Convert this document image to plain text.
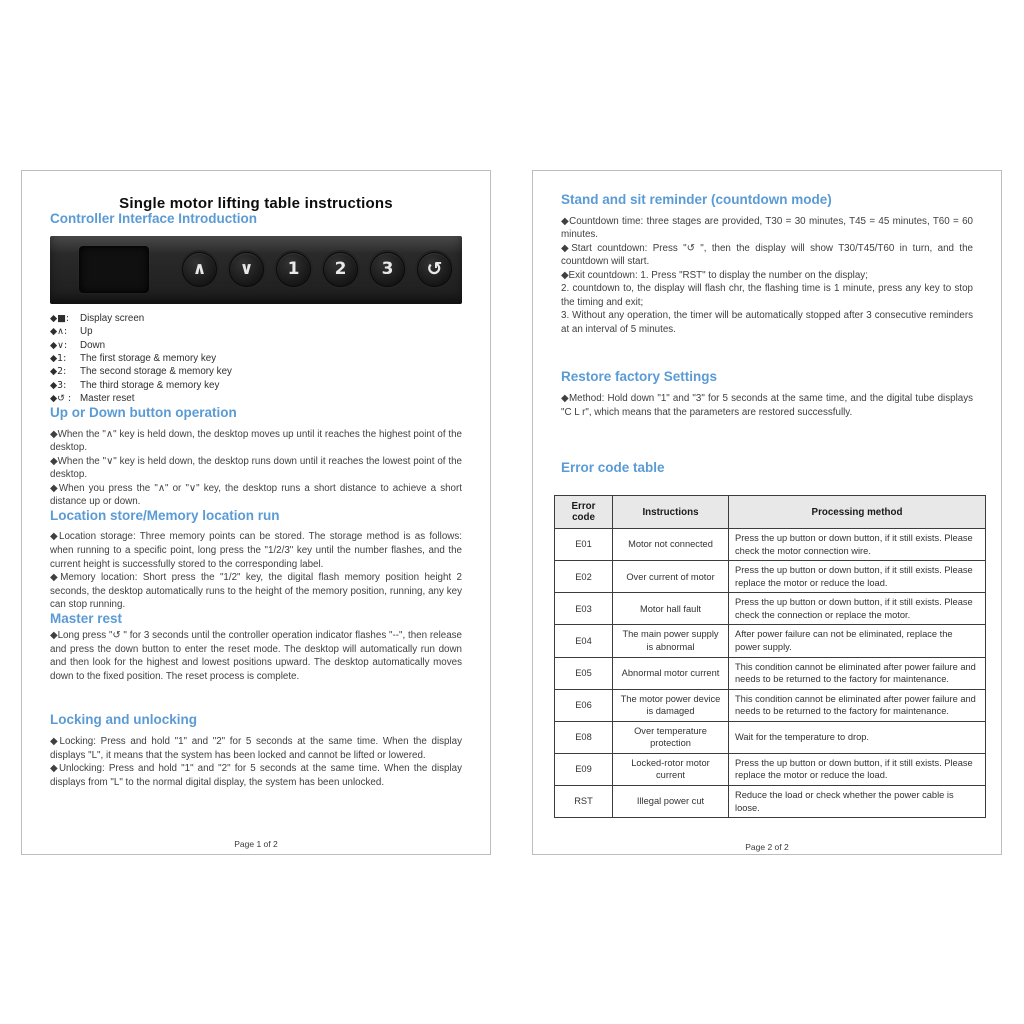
Single motor lifting table instructions
Controller Interface Introduction
∧	∨	1	2	3	↺
◆■:	Display screen
◆∧:	Up
◆∨:	Down
◆1:	The first storage & memory key
◆2:	The second storage & memory key
◆3:	The third storage & memory key
◆↺ : Master reset
Up or Down button operation

◆When the "∧" key is held down, the desktop moves up until it reaches the highest point of the desktop.

◆When the "∨" key is held down, the desktop runs down until it reaches the lowest point of the desktop.

◆When you press the "∧" or "∨" key, the desktop runs a short distance to achieve a short distance up or down.

Location store/Memory location run

◆Location storage: Three memory points can be stored. The storage method is as follows: when running to a specific point, long press the "1/2/3" key until the number flashes, and the current height is successfully stored to the corresponding label.

◆Memory location: Short press the "1/2" key, the digital flash memory position height 2 seconds, the desktop automatically runs to the height of the memory position, running, any key can stop running.

Master rest

◆Long press "↺ " for 3 seconds until the controller operation indicator flashes "--", then release and press the down button to enter the reset mode. The desktop will automatically run down and then look for the highest and lowest positions upward. The desktop automatically moves down to the fixed position. The reset process is complete.

Locking and unlocking

◆Locking: Press and hold "1" and "2" for 5 seconds at the same time. When the display displays "L", it means that the system has been locked and cannot be lifted or lowered.

◆Unlocking: Press and hold "1" and "2" for 5 seconds at the same time. When the display displays from "L" to the normal digital display, the system has been unlocked.

Page 1 of 2
Stand and sit reminder (countdown mode)

◆Countdown time: three stages are provided, T30 = 30 minutes, T45 = 45 minutes, T60 = 60 minutes.

◆Start countdown: Press "↺ ", then the display will show T30/T45/T60 in turn, and the countdown will start.

◆Exit countdown: 1. Press "RST" to display the number on the display;

2. countdown to, the display will flash chr, the flashing time is 1 minute, press any key to stop the timing and exit;

3. Without any operation, the timer will be automatically stopped after 3 consecutive reminders at an interval of 5 minutes.

Restore factory Settings

◆Method: Hold down "1" and "3" for 5 seconds at the same time, and the digital tube displays "C L r", which means that the parameters are restored successfully.

Error code table
Error code	Instructions	Processing method
E01	Motor not connected	Press the up button or down button, if it still exists. Please check the motor connection wire.
E02	Over current of motor	Press the up button or down button, if it still exists. Please replace the motor or reduce the load.
E03	Motor hall fault	Press the up button or down button, if it still exists. Please check the connection or replace the motor.
E04	The main power supply is abnormal	After power failure can not be eliminated, replace the power supply.
E05	Abnormal motor current	This condition cannot be eliminated after power failure and needs to be returned to the factory for maintenance.
E06	The motor power device is damaged	This condition cannot be eliminated after power failure and needs to be returned to the factory for maintenance.
E08	Over temperature protection	Wait for the temperature to drop.
E09	Locked-rotor motor current	Press the up button or down button, if it still exists. Please replace the motor or reduce the load.
RST	Illegal power cut	Reduce the load or check whether the power cable is loose.
Page 2 of 2
